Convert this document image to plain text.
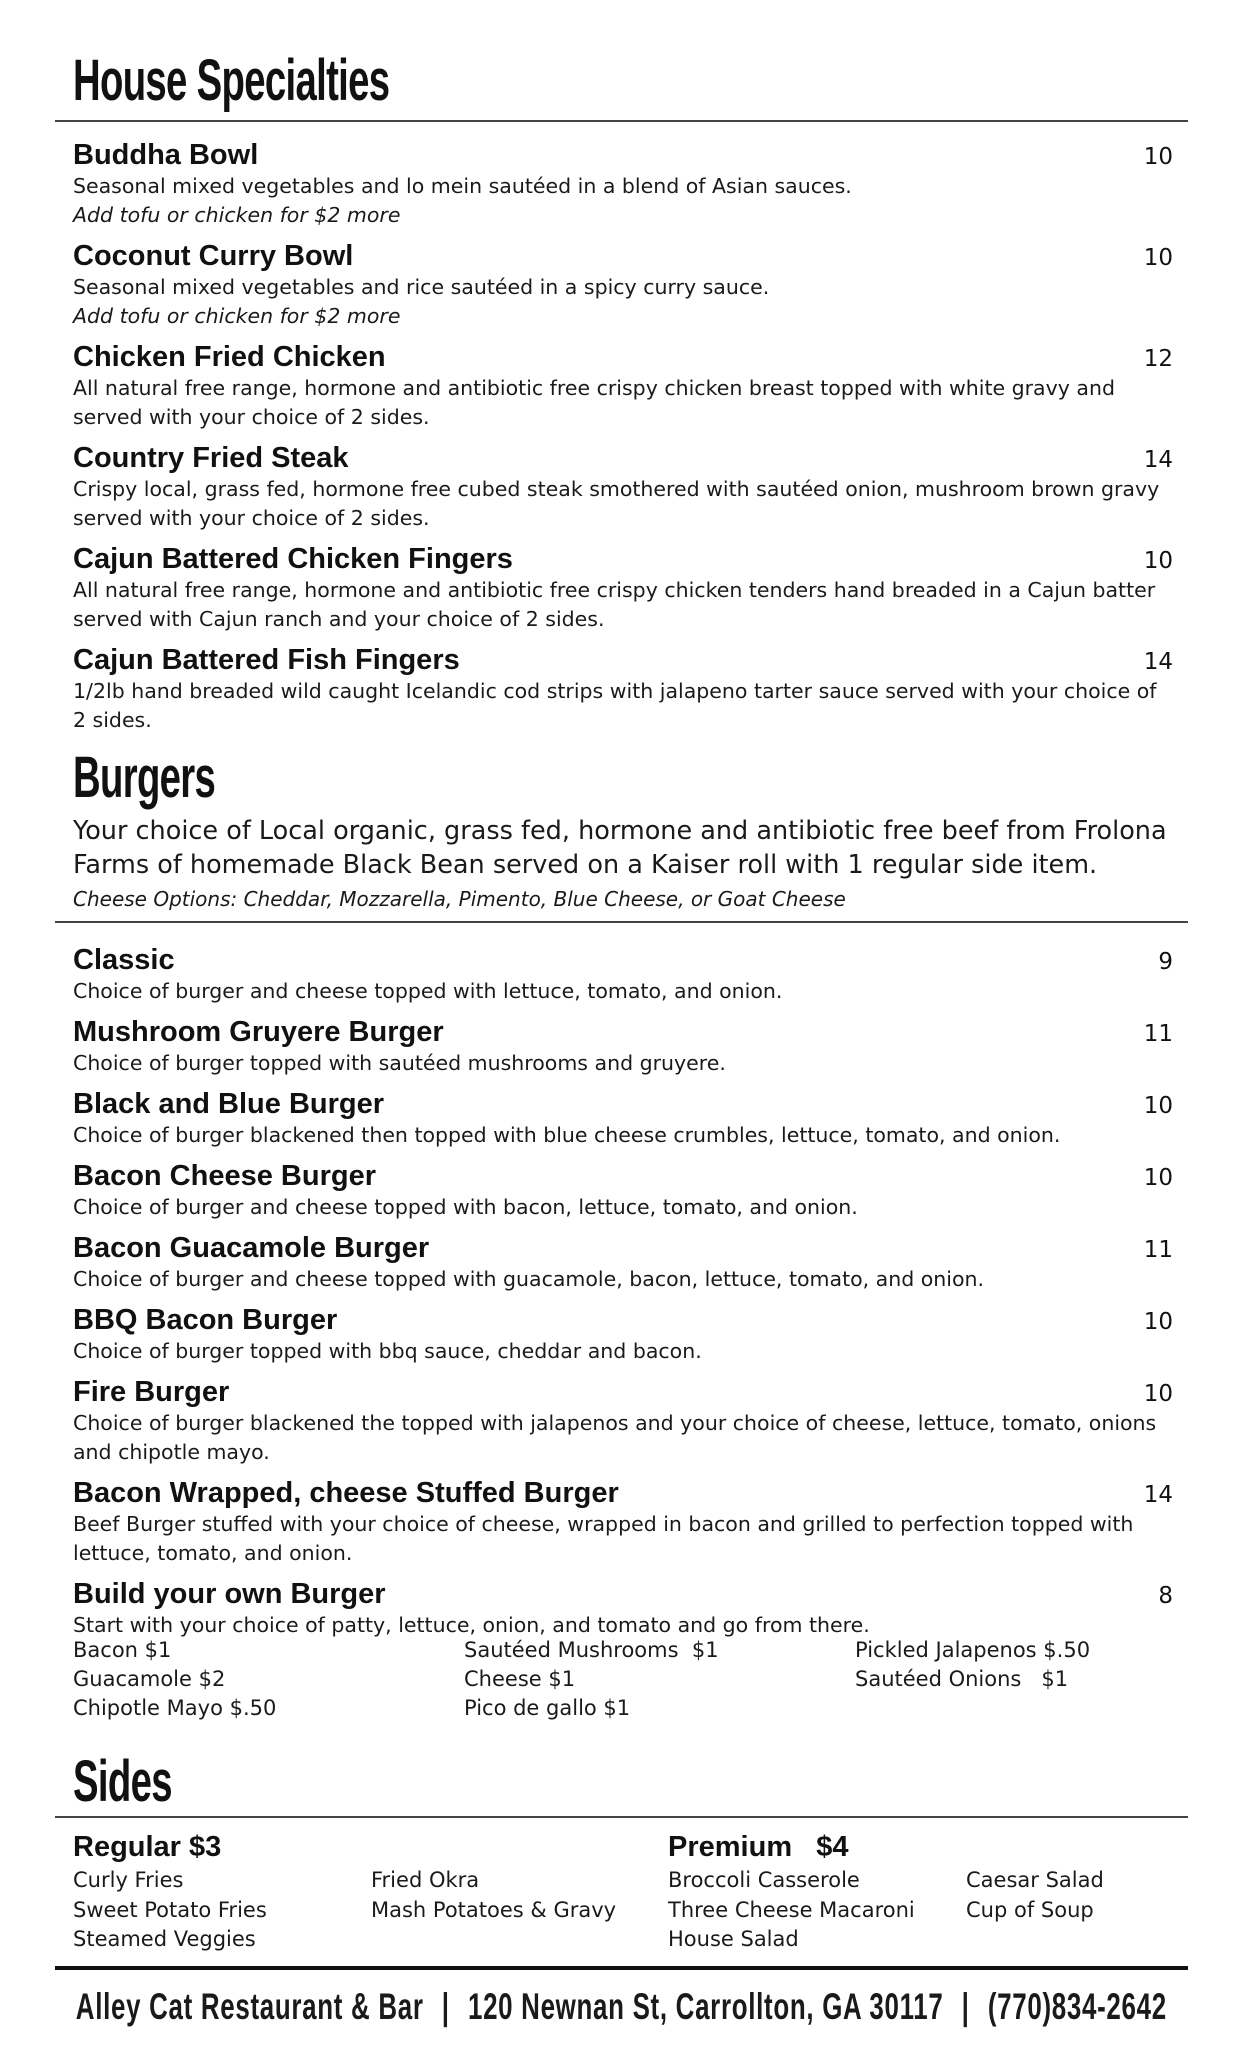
House Specialties
Buddha Bowl	10
Seasonal mixed vegetables and lo mein sautéed in a blend of Asian sauces.
Add tofu or chicken for $2 more
Coconut Curry Bowl	10
Seasonal mixed vegetables and rice sautéed in a spicy curry sauce.
Add tofu or chicken for $2 more
Chicken Fried Chicken	12
All natural free range, hormone and antibiotic free crispy chicken breast topped with white gravy and served with your choice of 2 sides.
Country Fried Steak	14
Crispy local, grass fed, hormone free cubed steak smothered with sautéed onion, mushroom brown gravy served with your choice of 2 sides.
Cajun Battered Chicken Fingers	10
All natural free range, hormone and antibiotic free crispy chicken tenders hand breaded in a Cajun batter served with Cajun ranch and your choice of 2 sides.
Cajun Battered Fish Fingers	14
1/2lb hand breaded wild caught Icelandic cod strips with jalapeno tarter sauce served with your choice of 2 sides.
Burgers
Your choice of Local organic, grass fed, hormone and antibiotic free beef from Frolona Farms of homemade Black Bean served on a Kaiser roll with 1 regular side item.
Cheese Options: Cheddar, Mozzarella, Pimento, Blue Cheese, or Goat Cheese
Classic	9
Choice of burger and cheese topped with lettuce, tomato, and onion.
Mushroom Gruyere Burger	11
Choice of burger topped with sautéed mushrooms and gruyere.
Black and Blue Burger	10
Choice of burger blackened then topped with blue cheese crumbles, lettuce, tomato, and onion.
Bacon Cheese Burger	10
Choice of burger and cheese topped with bacon, lettuce, tomato, and onion.
Bacon Guacamole Burger	11
Choice of burger and cheese topped with guacamole, bacon, lettuce, tomato, and onion.
BBQ Bacon Burger	10
Choice of burger topped with bbq sauce, cheddar and bacon.
Fire Burger	10
Choice of burger blackened the topped with jalapenos and your choice of cheese, lettuce, tomato, onions and chipotle mayo.
Bacon Wrapped, cheese Stuffed Burger	14
Beef Burger stuffed with your choice of cheese, wrapped in bacon and grilled to perfection topped with lettuce, tomato, and onion.
Build your own Burger	8
Start with your choice of patty, lettuce, onion, and tomato and go from there.
Bacon $1	Sautéed Mushrooms  $1	Pickled Jalapenos $.50
Guacamole $2	Cheese $1	Sautéed Onions   $1
Chipotle Mayo $.50	Pico de gallo $1
Sides
Regular $3
Curly Fries
Sweet Potato Fries
Steamed Veggies
Fried Okra
Mash Potatoes & Gravy
Premium   $4
Broccoli Casserole
Three Cheese Macaroni
House Salad
Caesar Salad
Cup of Soup
Alley Cat Restaurant & Bar | 120 Newnan St, Carrollton, GA 30117 | (770)834-2642
